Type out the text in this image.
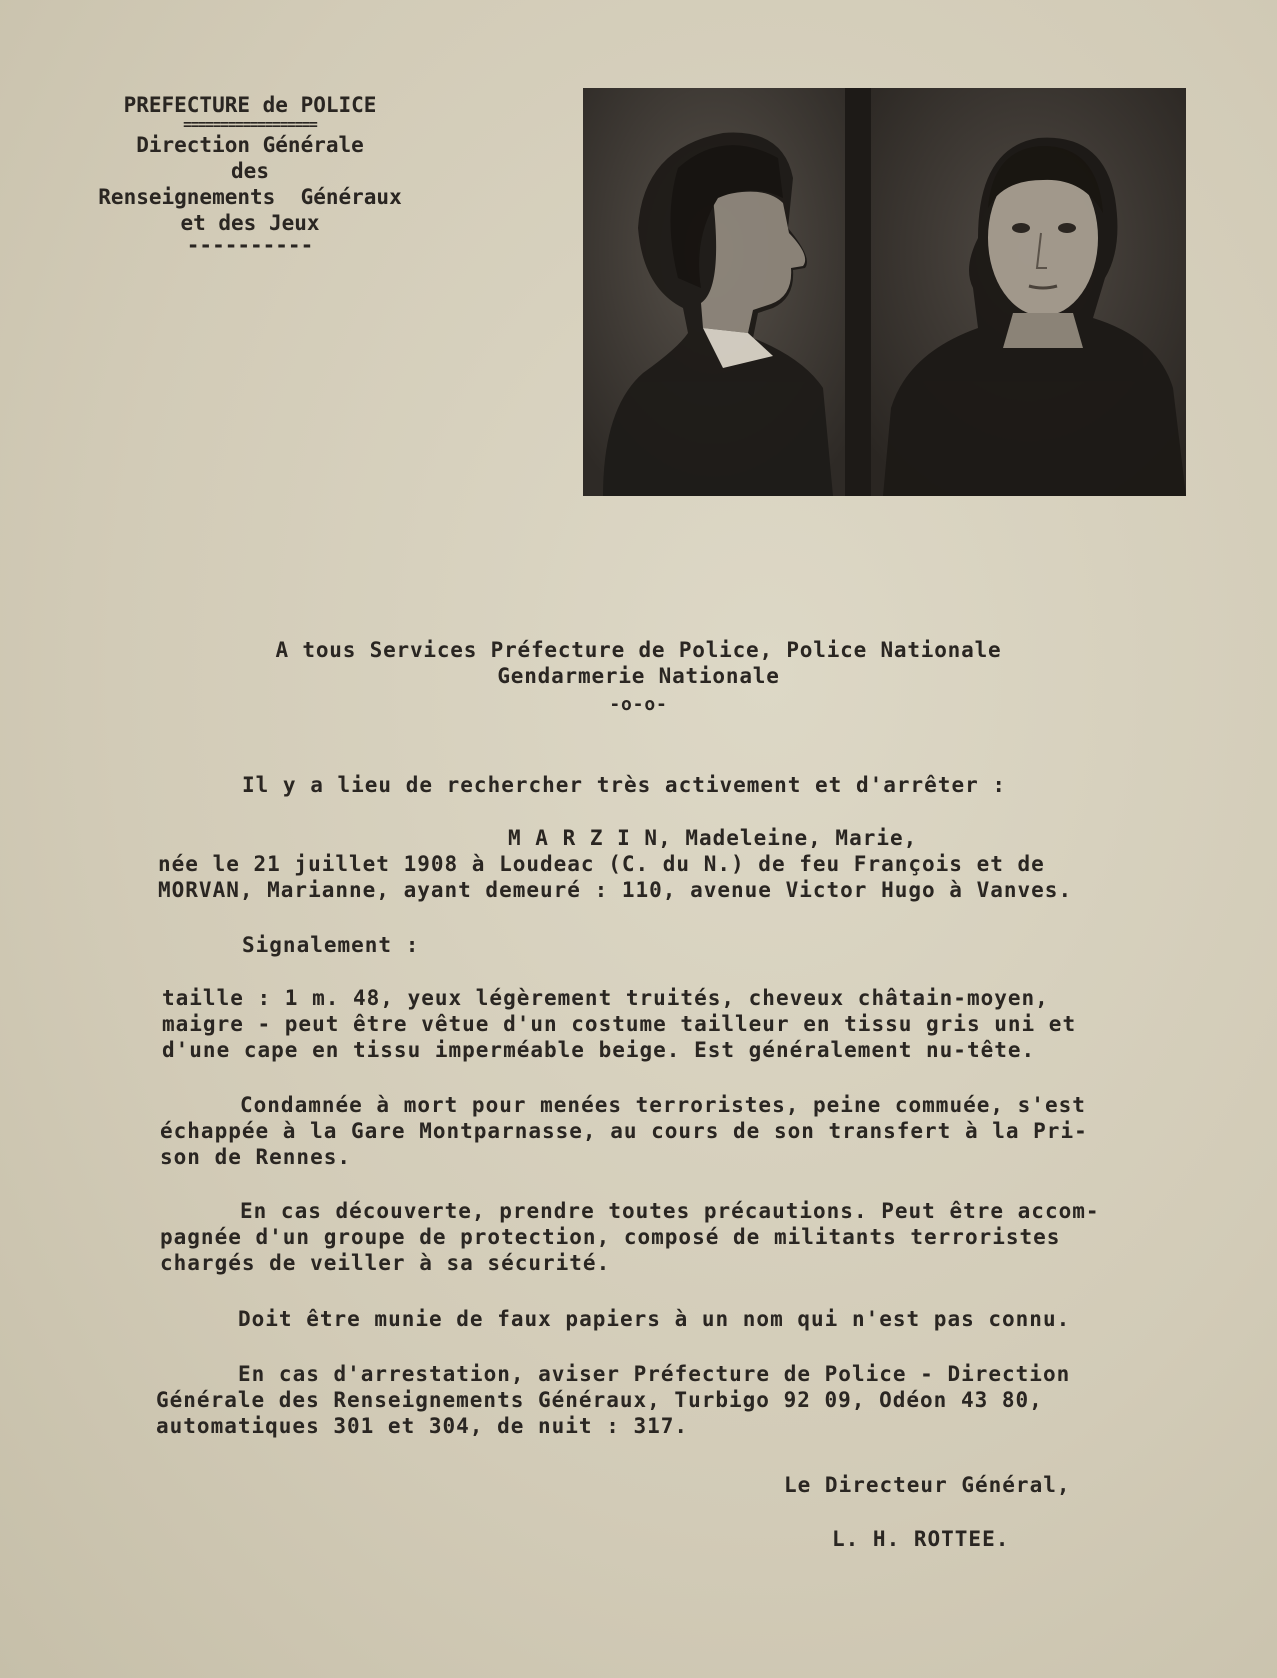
PREFECTURE de POLICE
==================
Direction Générale
des
Renseignements  Généraux
et des Jeux
----------
A tous Services Préfecture de Police, Police Nationale
Gendarmerie Nationale
-o-o-
Il y a lieu de rechercher très activement et d'arrêter :
M A R Z I N, Madeleine, Marie,
née le 21 juillet 1908 à Loudeac (C. du N.) de feu François et de
MORVAN, Marianne, ayant demeuré : 110, avenue Victor Hugo à Vanves.
Signalement :
taille : 1 m. 48, yeux légèrement truités, cheveux châtain-moyen,
maigre - peut être vêtue d'un costume tailleur en tissu gris uni et
d'une cape en tissu imperméable beige. Est généralement nu-tête.
Condamnée à mort pour menées terroristes, peine commuée, s'est
échappée à la Gare Montparnasse, au cours de son transfert à la Pri-
son de Rennes.
En cas découverte, prendre toutes précautions. Peut être accom-
pagnée d'un groupe de protection, composé de militants terroristes
chargés de veiller à sa sécurité.
Doit être munie de faux papiers à un nom qui n'est pas connu.
En cas d'arrestation, aviser Préfecture de Police - Direction
Générale des Renseignements Généraux, Turbigo 92 09, Odéon 43 80,
automatiques 301 et 304, de nuit : 317.
Le Directeur Général,
L. H. ROTTEE.
